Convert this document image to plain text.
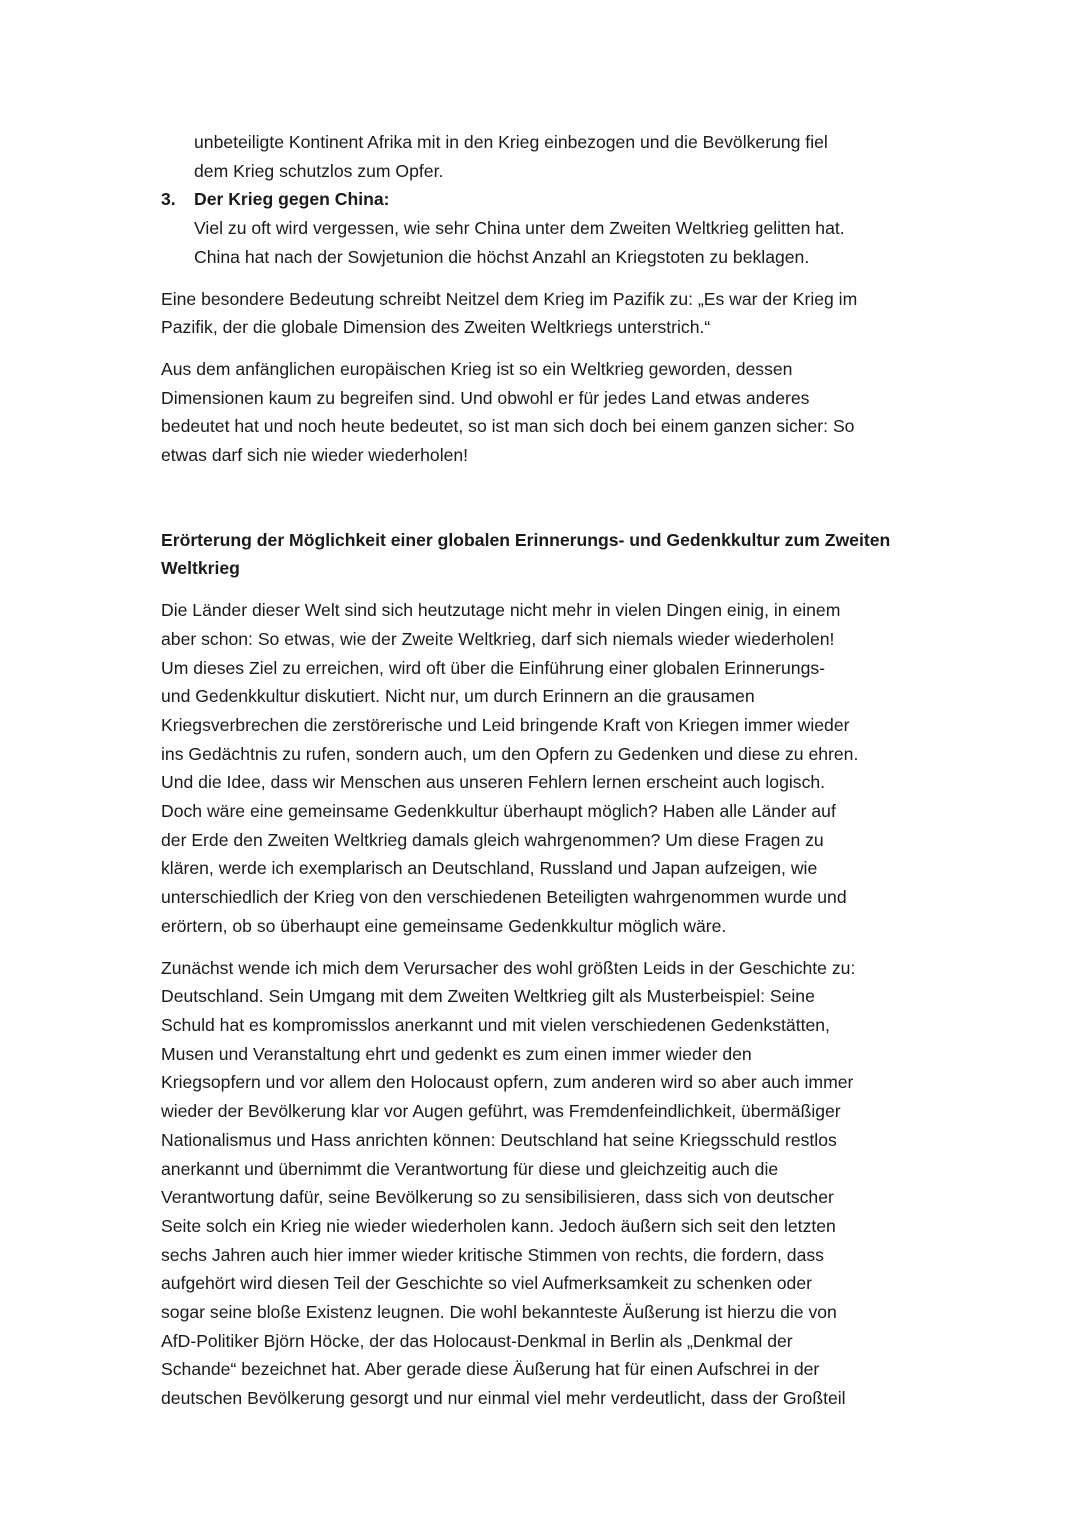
unbeteiligte Kontinent Afrika mit in den Krieg einbezogen und die Bevölkerung fiel
dem Krieg schutzlos zum Opfer.
3. Der Krieg gegen China:
Viel zu oft wird vergessen, wie sehr China unter dem Zweiten Weltkrieg gelitten hat.
China hat nach der Sowjetunion die höchst Anzahl an Kriegstoten zu beklagen.
Eine besondere Bedeutung schreibt Neitzel dem Krieg im Pazifik zu: „Es war der Krieg im
Pazifik, der die globale Dimension des Zweiten Weltkriegs unterstrich.“
Aus dem anfänglichen europäischen Krieg ist so ein Weltkrieg geworden, dessen
Dimensionen kaum zu begreifen sind. Und obwohl er für jedes Land etwas anderes
bedeutet hat und noch heute bedeutet, so ist man sich doch bei einem ganzen sicher: So
etwas darf sich nie wieder wiederholen!
Erörterung der Möglichkeit einer globalen Erinnerungs- und Gedenkkultur zum Zweiten
Weltkrieg
Die Länder dieser Welt sind sich heutzutage nicht mehr in vielen Dingen einig, in einem
aber schon: So etwas, wie der Zweite Weltkrieg, darf sich niemals wieder wiederholen!
Um dieses Ziel zu erreichen, wird oft über die Einführung einer globalen Erinnerungs-
und Gedenkkultur diskutiert. Nicht nur, um durch Erinnern an die grausamen
Kriegsverbrechen die zerstörerische und Leid bringende Kraft von Kriegen immer wieder
ins Gedächtnis zu rufen, sondern auch, um den Opfern zu Gedenken und diese zu ehren.
Und die Idee, dass wir Menschen aus unseren Fehlern lernen erscheint auch logisch.
Doch wäre eine gemeinsame Gedenkkultur überhaupt möglich? Haben alle Länder auf
der Erde den Zweiten Weltkrieg damals gleich wahrgenommen? Um diese Fragen zu
klären, werde ich exemplarisch an Deutschland, Russland und Japan aufzeigen, wie
unterschiedlich der Krieg von den verschiedenen Beteiligten wahrgenommen wurde und
erörtern, ob so überhaupt eine gemeinsame Gedenkkultur möglich wäre.
Zunächst wende ich mich dem Verursacher des wohl größten Leids in der Geschichte zu:
Deutschland. Sein Umgang mit dem Zweiten Weltkrieg gilt als Musterbeispiel: Seine
Schuld hat es kompromisslos anerkannt und mit vielen verschiedenen Gedenkstätten,
Musen und Veranstaltung ehrt und gedenkt es zum einen immer wieder den
Kriegsopfern und vor allem den Holocaust opfern, zum anderen wird so aber auch immer
wieder der Bevölkerung klar vor Augen geführt, was Fremdenfeindlichkeit, übermäßiger
Nationalismus und Hass anrichten können: Deutschland hat seine Kriegsschuld restlos
anerkannt und übernimmt die Verantwortung für diese und gleichzeitig auch die
Verantwortung dafür, seine Bevölkerung so zu sensibilisieren, dass sich von deutscher
Seite solch ein Krieg nie wieder wiederholen kann. Jedoch äußern sich seit den letzten
sechs Jahren auch hier immer wieder kritische Stimmen von rechts, die fordern, dass
aufgehört wird diesen Teil der Geschichte so viel Aufmerksamkeit zu schenken oder
sogar seine bloße Existenz leugnen. Die wohl bekannteste Äußerung ist hierzu die von
AfD-Politiker Björn Höcke, der das Holocaust-Denkmal in Berlin als „Denkmal der
Schande“ bezeichnet hat. Aber gerade diese Äußerung hat für einen Aufschrei in der
deutschen Bevölkerung gesorgt und nur einmal viel mehr verdeutlicht, dass der Großteil
